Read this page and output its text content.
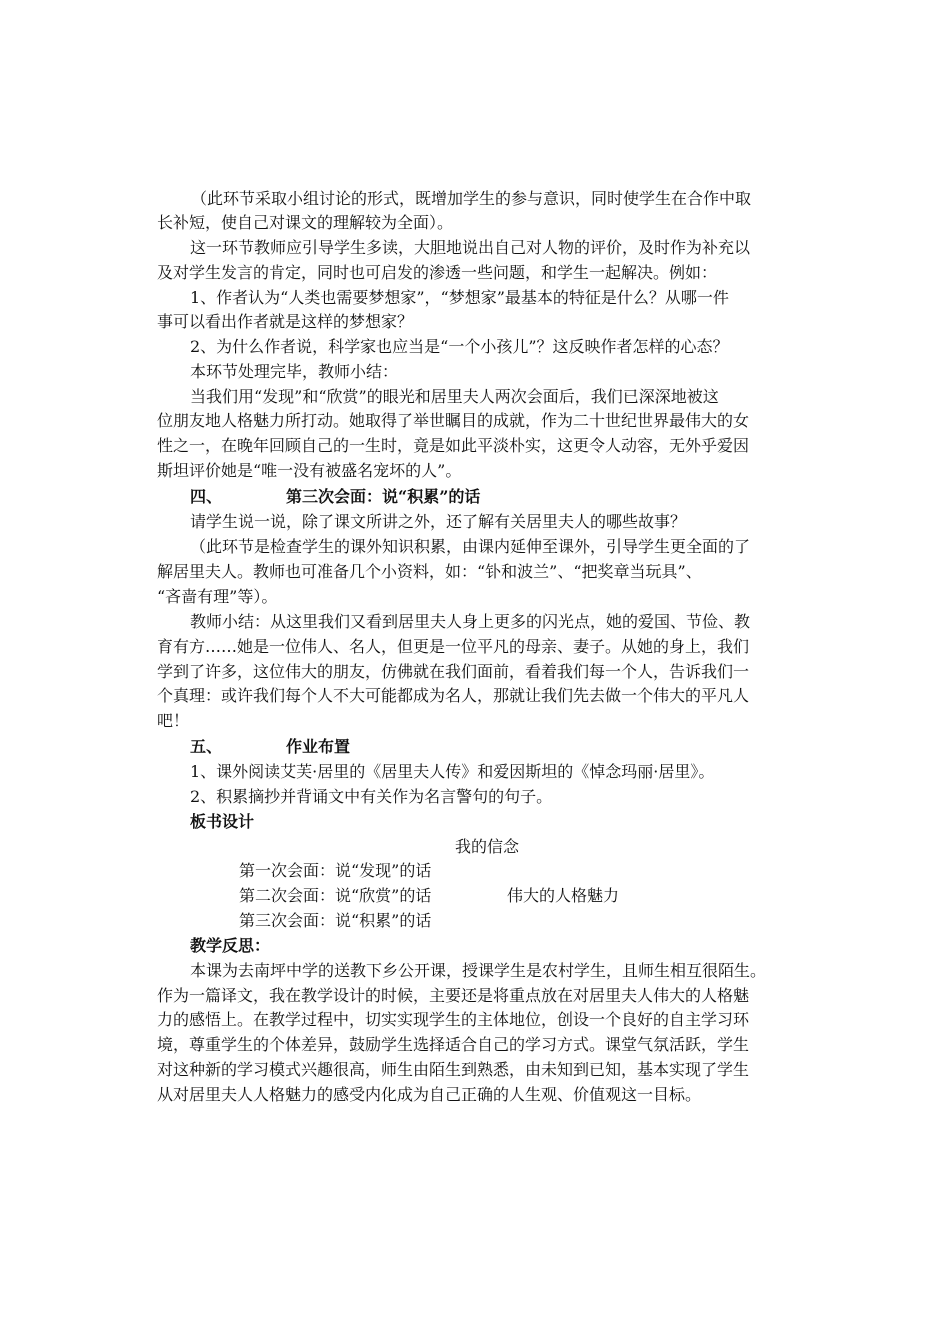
（此环节采取小组讨论的形式，既增加学生的参与意识，同时使学生在合作中取
长补短，使自己对课文的理解较为全面）。
这一环节教师应引导学生多读，大胆地说出自己对人物的评价，及时作为补充以
及对学生发言的肯定，同时也可启发的渗透一些问题，和学生一起解决。例如：
1、作者认为“人类也需要梦想家”，“梦想家”最基本的特征是什么？从哪一件
事可以看出作者就是这样的梦想家？
2、为什么作者说，科学家也应当是“一个小孩儿”？这反映作者怎样的心态？
本环节处理完毕，教师小结：
当我们用“发现”和“欣赏”的眼光和居里夫人两次会面后，我们已深深地被这
位朋友地人格魅力所打动。她取得了举世瞩目的成就，作为二十世纪世界最伟大的女
性之一，在晚年回顾自己的一生时，竟是如此平淡朴实，这更令人动容，无外乎爱因
斯坦评价她是“唯一没有被盛名宠坏的人”。
四、	第三次会面：说“积累”的话
请学生说一说，除了课文所讲之外，还了解有关居里夫人的哪些故事？
（此环节是检查学生的课外知识积累，由课内延伸至课外，引导学生更全面的了
解居里夫人。教师也可准备几个小资料，如：“钋和波兰”、“把奖章当玩具”、
“吝啬有理”等）。
教师小结：从这里我们又看到居里夫人身上更多的闪光点，她的爱国、节俭、教
育有方……她是一位伟人、名人，但更是一位平凡的母亲、妻子。从她的身上，我们
学到了许多，这位伟大的朋友，仿佛就在我们面前，看着我们每一个人，告诉我们一
个真理：或许我们每个人不大可能都成为名人，那就让我们先去做一个伟大的平凡人
吧！
五、	作业布置
1、课外阅读艾芙·居里的《居里夫人传》和爱因斯坦的《悼念玛丽·居里》。
2、积累摘抄并背诵文中有关作为名言警句的句子。
板书设计
我的信念
第一次会面：说“发现”的话
第二次会面：说“欣赏”的话	伟大的人格魅力
第三次会面：说“积累”的话
教学反思：
本课为去南坪中学的送教下乡公开课，授课学生是农村学生，且师生相互很陌生。
作为一篇译文，我在教学设计的时候，主要还是将重点放在对居里夫人伟大的人格魅
力的感悟上。在教学过程中，切实实现学生的主体地位，创设一个良好的自主学习环
境，尊重学生的个体差异，鼓励学生选择适合自己的学习方式。课堂气氛活跃，学生
对这种新的学习模式兴趣很高，师生由陌生到熟悉，由未知到已知，基本实现了学生
从对居里夫人人格魅力的感受内化成为自己正确的人生观、价值观这一目标。
